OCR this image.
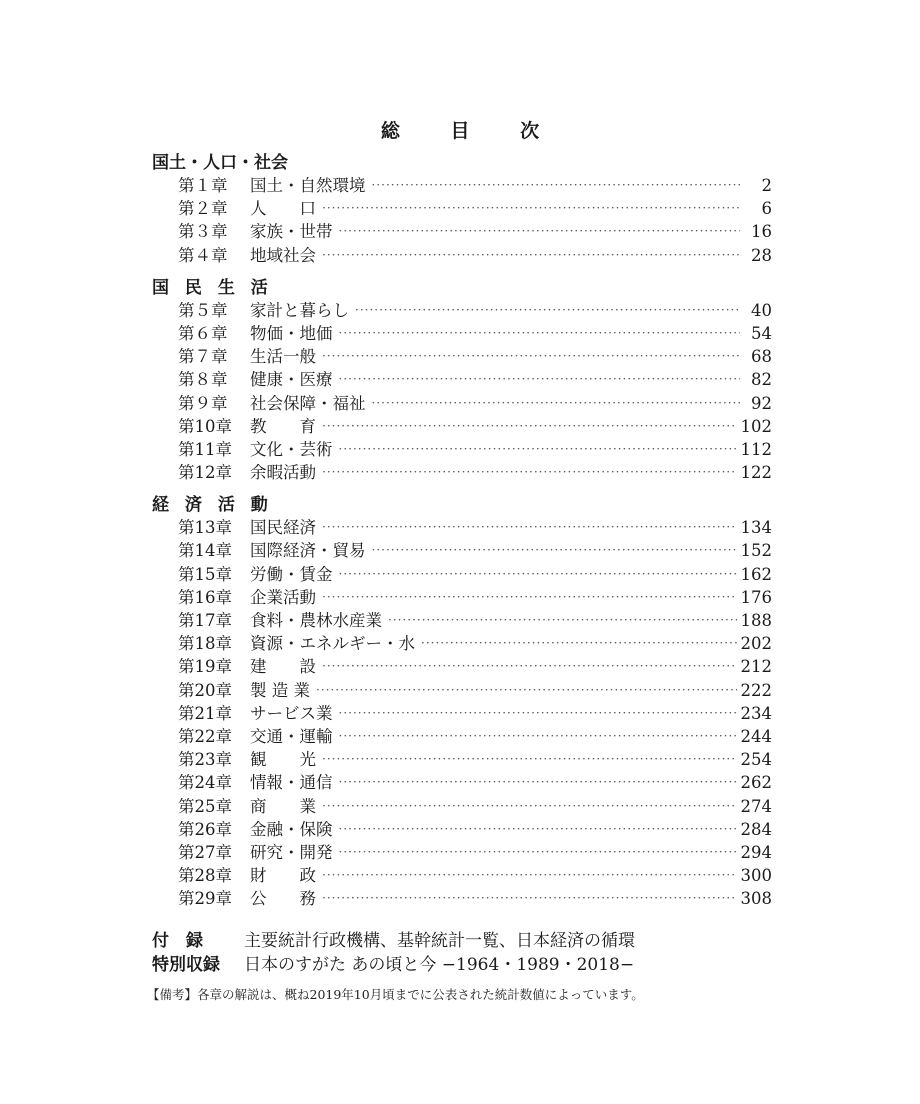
総 目 次
国土・人口・社会
第１章	国土・自然環境 ·····	2
第２章	人　　口 ·····	6
第３章	家族・世帯 ·····	16
第４章	地域社会 ·····	28
国 民 生 活
第５章	家計と暮らし ·····	40
第６章	物価・地価 ·····	54
第７章	生活一般 ·····	68
第８章	健康・医療 ·····	82
第９章	社会保障・福祉 ·····	92
第10章	教　　育 ·····	102
第11章	文化・芸術 ·····	112
第12章	余暇活動 ·····	122
経 済 活 動
第13章	国民経済 ·····	134
第14章	国際経済・貿易 ·····	152
第15章	労働・賃金 ·····	162
第16章	企業活動 ·····	176
第17章	食料・農林水産業 ·····	188
第18章	資源・エネルギー・水 ·····	202
第19章	建　　設 ·····	212
第20章	製 造 業 ·····	222
第21章	サービス業 ·····	234
第22章	交通・運輸 ·····	244
第23章	観　　光 ·····	254
第24章	情報・通信 ·····	262
第25章	商　　業 ·····	274
第26章	金融・保険 ·····	284
第27章	研究・開発 ·····	294
第28章	財　　政 ·····	300
第29章	公　　務 ·····	308
付　録	主要統計行政機構、基幹統計一覧、日本経済の循環
特別収録	日本のすがた あの頃と今 −1964・1989・2018−
【備考】各章の解説は、概ね2019年10月頃までに公表された統計数値によっています。
